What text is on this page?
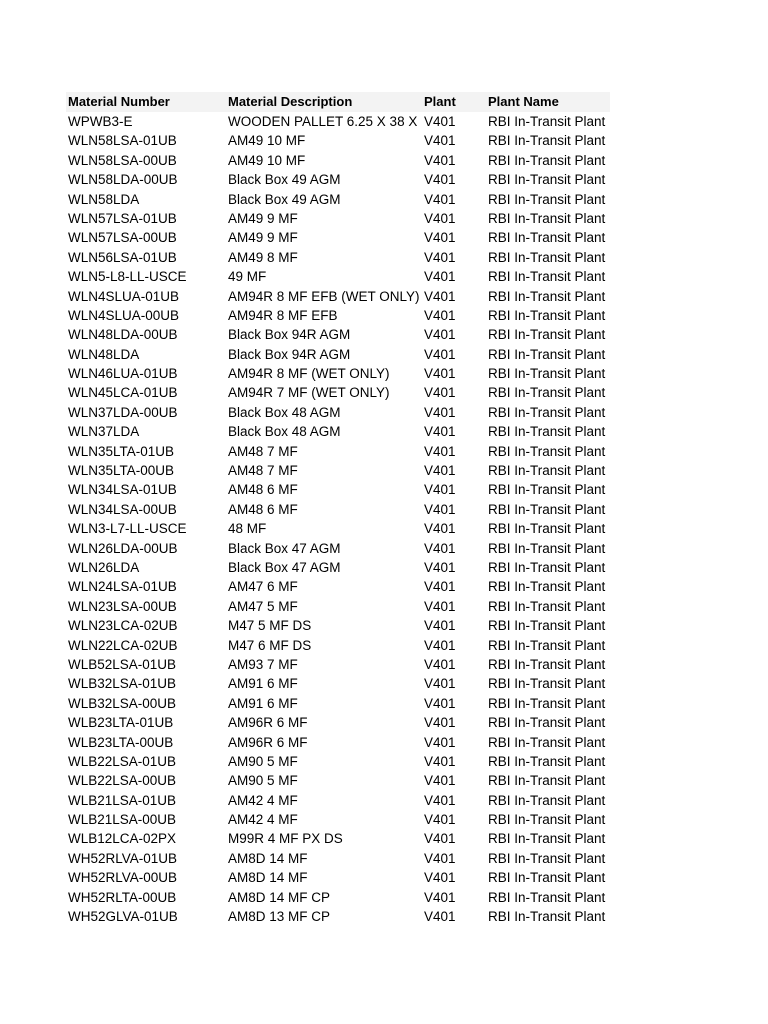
Material Number	Material Description	Plant	Plant Name
WPWB3-E	WOODEN PALLET 6.25 X 38 X V401	RBI In-Transit Plant
WLN58LSA-01UB	AM49 10 MF	V401	RBI In-Transit Plant
WLN58LSA-00UB	AM49 10 MF	V401	RBI In-Transit Plant
WLN58LDA-00UB	Black Box 49 AGM	V401	RBI In-Transit Plant
WLN58LDA	Black Box 49 AGM	V401	RBI In-Transit Plant
WLN57LSA-01UB	AM49 9 MF	V401	RBI In-Transit Plant
WLN57LSA-00UB	AM49 9 MF	V401	RBI In-Transit Plant
WLN56LSA-01UB	AM49 8 MF	V401	RBI In-Transit Plant
WLN5-L8-LL-USCE	49 MF	V401	RBI In-Transit Plant
WLN4SLUA-01UB	AM94R 8 MF EFB (WET ONLY) V401	RBI In-Transit Plant
WLN4SLUA-00UB	AM94R 8 MF EFB	V401	RBI In-Transit Plant
WLN48LDA-00UB	Black Box 94R AGM	V401	RBI In-Transit Plant
WLN48LDA	Black Box 94R AGM	V401	RBI In-Transit Plant
WLN46LUA-01UB	AM94R 8 MF (WET ONLY)	V401	RBI In-Transit Plant
WLN45LCA-01UB	AM94R 7 MF (WET ONLY)	V401	RBI In-Transit Plant
WLN37LDA-00UB	Black Box 48 AGM	V401	RBI In-Transit Plant
WLN37LDA	Black Box 48 AGM	V401	RBI In-Transit Plant
WLN35LTA-01UB	AM48 7 MF	V401	RBI In-Transit Plant
WLN35LTA-00UB	AM48 7 MF	V401	RBI In-Transit Plant
WLN34LSA-01UB	AM48 6 MF	V401	RBI In-Transit Plant
WLN34LSA-00UB	AM48 6 MF	V401	RBI In-Transit Plant
WLN3-L7-LL-USCE	48 MF	V401	RBI In-Transit Plant
WLN26LDA-00UB	Black Box 47 AGM	V401	RBI In-Transit Plant
WLN26LDA	Black Box 47 AGM	V401	RBI In-Transit Plant
WLN24LSA-01UB	AM47 6 MF	V401	RBI In-Transit Plant
WLN23LSA-00UB	AM47 5 MF	V401	RBI In-Transit Plant
WLN23LCA-02UB	M47 5 MF DS	V401	RBI In-Transit Plant
WLN22LCA-02UB	M47 6 MF DS	V401	RBI In-Transit Plant
WLB52LSA-01UB	AM93 7 MF	V401	RBI In-Transit Plant
WLB32LSA-01UB	AM91 6 MF	V401	RBI In-Transit Plant
WLB32LSA-00UB	AM91 6 MF	V401	RBI In-Transit Plant
WLB23LTA-01UB	AM96R 6 MF	V401	RBI In-Transit Plant
WLB23LTA-00UB	AM96R 6 MF	V401	RBI In-Transit Plant
WLB22LSA-01UB	AM90 5 MF	V401	RBI In-Transit Plant
WLB22LSA-00UB	AM90 5 MF	V401	RBI In-Transit Plant
WLB21LSA-01UB	AM42 4 MF	V401	RBI In-Transit Plant
WLB21LSA-00UB	AM42 4 MF	V401	RBI In-Transit Plant
WLB12LCA-02PX	M99R 4 MF PX DS	V401	RBI In-Transit Plant
WH52RLVA-01UB	AM8D 14 MF	V401	RBI In-Transit Plant
WH52RLVA-00UB	AM8D 14 MF	V401	RBI In-Transit Plant
WH52RLTA-00UB	AM8D 14 MF CP	V401	RBI In-Transit Plant
WH52GLVA-01UB	AM8D 13 MF CP	V401	RBI In-Transit Plant
